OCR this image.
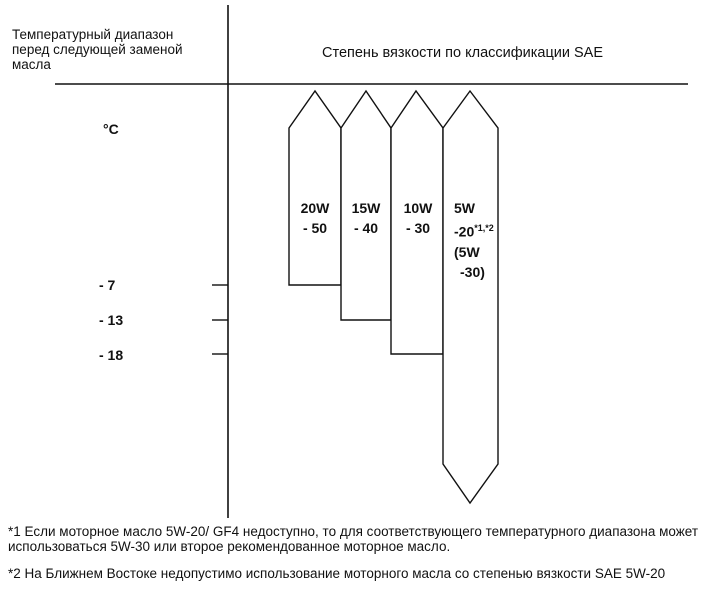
Температурный диапазон перед следующей заменой масла
Степень вязкости по классификации SAE
°C
- 7
- 13
- 18
20W
- 50
15W
- 40
10W
- 30
5W
$-20^{*1,*2}$
(5W
-30)
*1 Если моторное масло 5W-20/ GF4 недоступно, то для соответствующего температурного диапазона может использоваться 5W-30 или второе рекомендованное моторное масло.
*2 На Ближнем Востоке недопустимо использование моторного масла со степенью вязкости SAE 5W-20
